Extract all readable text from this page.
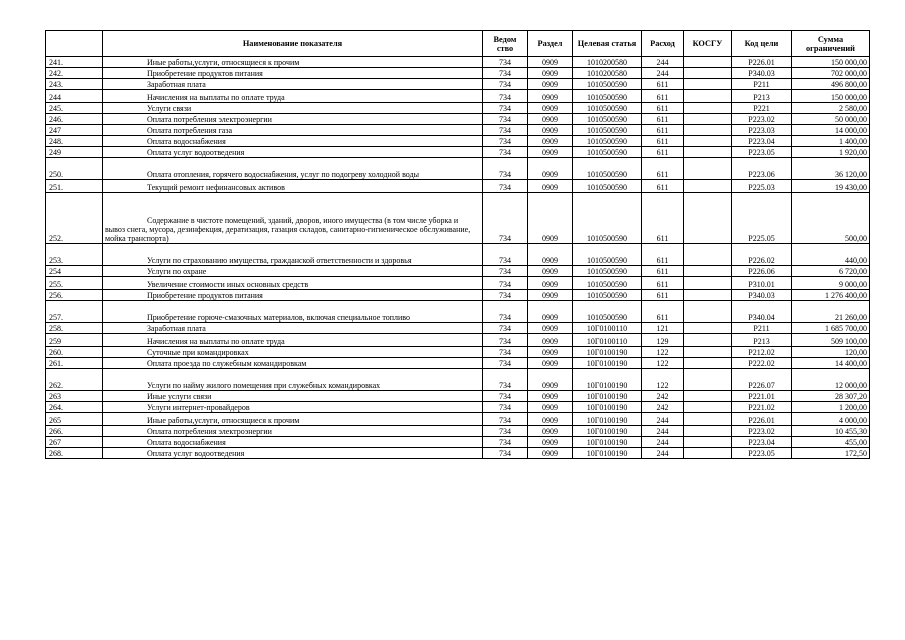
	Наименование показателя	Ведом ство	Раздел	Целевая статья	Расход	КОСГУ	Код цели	Сумма ограничений
241.	Иные работы,услуги, относящиеся к прочим	734	0909	1010200580	244		Р226.01	150 000,00
242.	Приобретение продуктов питания	734	0909	1010200580	244		Р340.03	702 000,00
243.	Заработная плата	734	0909	1010500590	611		Р211	496 800,00
244	Начисления на выплаты по оплате труда	734	0909	1010500590	611		Р213	150 000,00
245.	Услуги связи	734	0909	1010500590	611		Р221	2 580,00
246.	Оплата потребления электроэнергии	734	0909	1010500590	611		Р223.02	50 000,00
247	Оплата потребления газа	734	0909	1010500590	611		Р223.03	14 000,00
248.	Оплата водоснабжения	734	0909	1010500590	611		Р223.04	1 400,00
249	Оплата услуг водоотведения	734	0909	1010500590	611		Р223.05	1 920,00
250.	Оплата отопления, горячего водоснабжения, услуг по подогреву холодной воды	734	0909	1010500590	611		Р223.06	36 120,00
251.	Текущий ремонт нефинансовых активов	734	0909	1010500590	611		Р225.03	19 430,00
252.	Содержание в чистоте помещений, зданий, дворов, иного имущества (в том числе уборка и вывоз снега, мусора, дезинфекция, дератизация, газация складов, санитарно-гигиеническое обслуживание, мойка транспорта)	734	0909	1010500590	611		Р225.05	500,00
253.	Услуги по страхованию имущества, гражданской ответственности и здоровья	734	0909	1010500590	611		Р226.02	440,00
254	Услуги по охране	734	0909	1010500590	611		Р226.06	6 720,00
255.	Увеличение стоимости иных основных средств	734	0909	1010500590	611		Р310.01	9 000,00
256.	Приобретение продуктов питания	734	0909	1010500590	611		Р340.03	1 276 400,00
257.	Приобретение горюче-смазочных материалов, включая специальное топливо	734	0909	1010500590	611		Р340.04	21 260,00
258.	Заработная плата	734	0909	10Г0100110	121		Р211	1 685 700,00
259	Начисления на выплаты по оплате труда	734	0909	10Г0100110	129		Р213	509 100,00
260.	Суточные при командировках	734	0909	10Г0100190	122		Р212.02	120,00
261.	Оплата проезда по служебным командировкам	734	0909	10Г0100190	122		Р222.02	14 400,00
262.	Услуги по найму жилого помещения при служебных командировках	734	0909	10Г0100190	122		Р226.07	12 000,00
263	Иные услуги связи	734	0909	10Г0100190	242		Р221.01	28 307,20
264.	Услуги интернет-провайдеров	734	0909	10Г0100190	242		Р221.02	1 200,00
265	Иные работы,услуги, относящиеся к прочим	734	0909	10Г0100190	244		Р226.01	4 000,00
266.	Оплата потребления электроэнергии	734	0909	10Г0100190	244		Р223.02	10 455,30
267	Оплата водоснабжения	734	0909	10Г0100190	244		Р223.04	455,00
268.	Оплата услуг водоотведения	734	0909	10Г0100190	244		Р223.05	172,50
